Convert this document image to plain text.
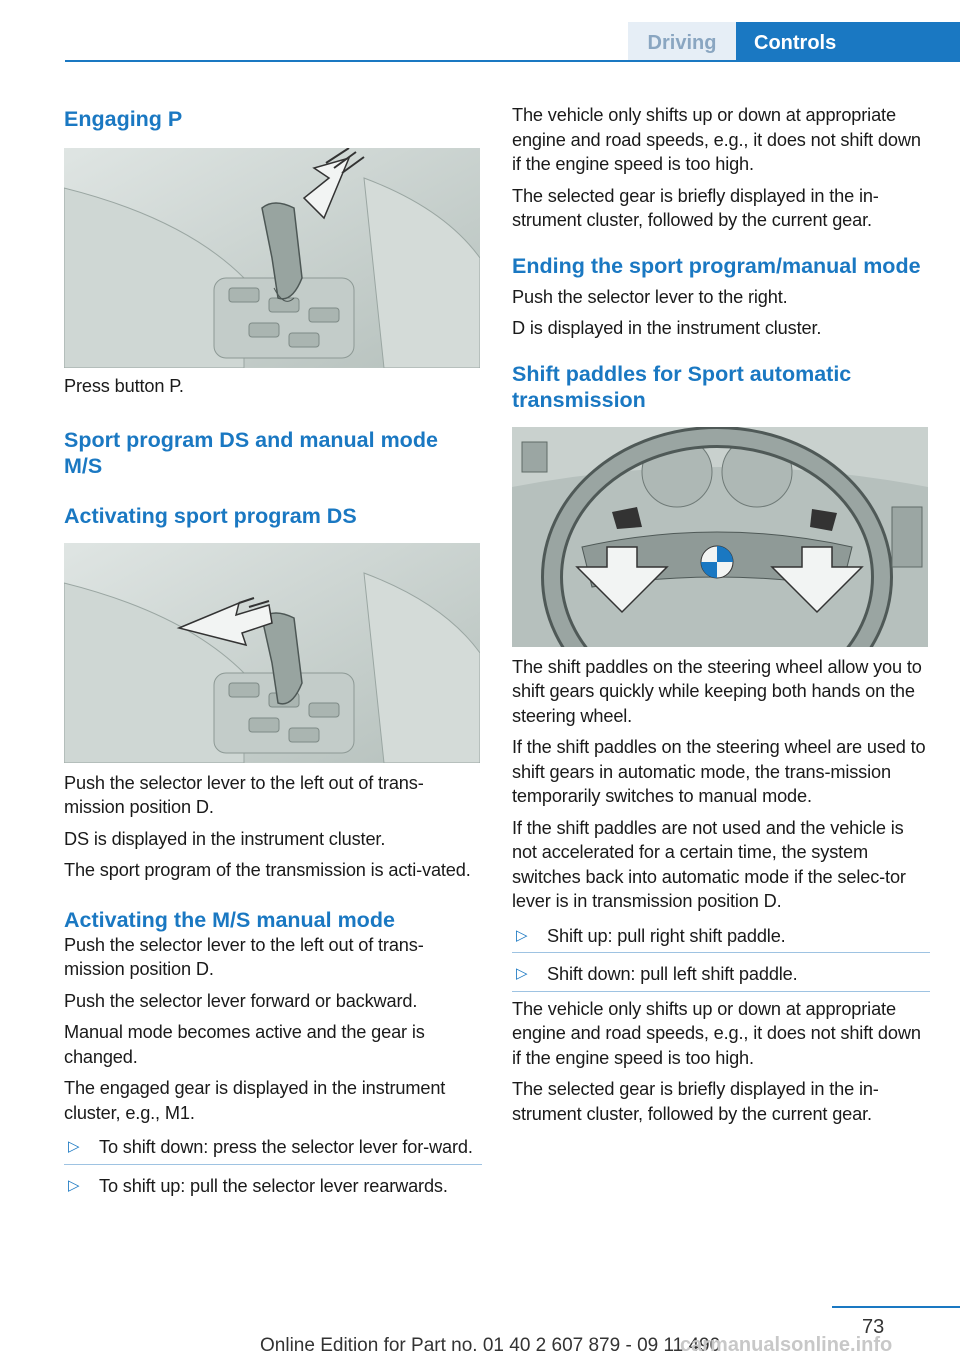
Driving	Controls
Engaging P

Press button P.

Sport program DS and manual mode M/S
Activating sport program DS

Push the selector lever to the left out of trans-mission position D.

DS is displayed in the instrument cluster.

The sport program of the transmission is acti-vated.

Activating the M/S manual mode

Push the selector lever to the left out of trans-mission position D.

Push the selector lever forward or backward.

Manual mode becomes active and the gear is changed.

The engaged gear is displayed in the instrument cluster, e.g., M1.

▷ To shift down: press the selector lever for-ward.
▷ To shift up: pull the selector lever rearwards.

The vehicle only shifts up or down at appropriate engine and road speeds, e.g., it does not shift down if the engine speed is too high.

The selected gear is briefly displayed in the in-strument cluster, followed by the current gear.

Ending the sport program/manual mode

Push the selector lever to the right.

D is displayed in the instrument cluster.

Shift paddles for Sport automatic transmission

The shift paddles on the steering wheel allow you to shift gears quickly while keeping both hands on the steering wheel.

If the shift paddles on the steering wheel are used to shift gears in automatic mode, the trans-mission temporarily switches to manual mode.

If the shift paddles are not used and the vehicle is not accelerated for a certain time, the system switches back into automatic mode if the selec-tor lever is in transmission position D.

▷ Shift up: pull right shift paddle.
▷ Shift down: pull left shift paddle.

The vehicle only shifts up or down at appropriate engine and road speeds, e.g., it does not shift down if the engine speed is too high.

The selected gear is briefly displayed in the in-strument cluster, followed by the current gear.

73
Online Edition for Part no. 01 40 2 607 879 - 09 11 490
carmanualsonline.info
